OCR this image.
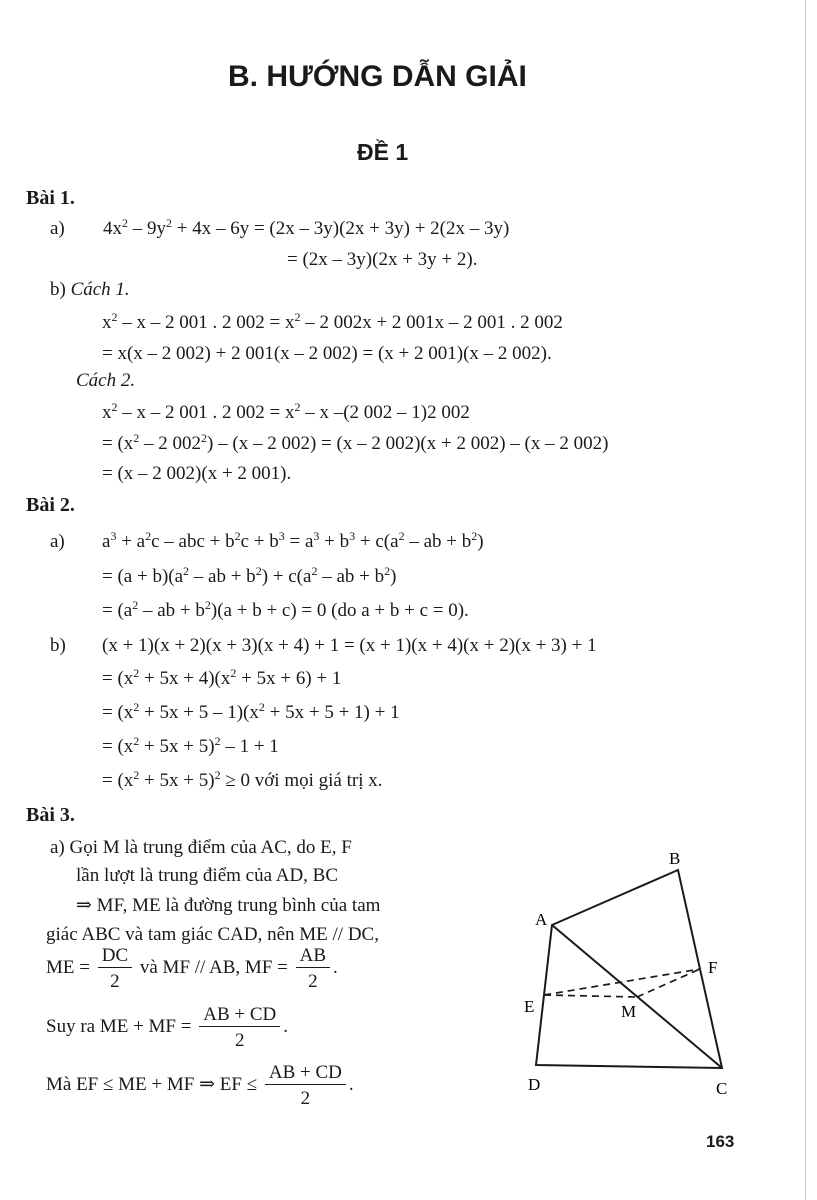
B. HƯỚNG DẪN GIẢI
ĐỀ 1
Bài 1.
a) $4x^2 - 9y^2 + 4x - 6y = (2x - 3y)(2x + 3y) + 2(2x - 3y)$
= (2x – 3y)(2x + 3y + 2).
b) Cách 1.
$x^2$ – x – 2 001 . 2 $002 = x^2 - 2$ 002x + 2 001x – 2 001 . 2 002
= x(x – 2 002) + 2 001(x – 2 002) = (x + 2 001)(x – 2 002).
Cách 2.
$x^2$ – x – 2 001 . 2 $002 = x^2 - x$ –(2 002 – 1)2 002
= ($x^2 - 2$ $002^2) - (x - 2$ 002) = (x – 2 002)(x + 2 002) – (x – 2 002)
= (x – 2 002)(x + 2 001).
Bài 2.
a) $a^3 + a^2c$ – abc + $b^2c + b^3 = a^3 + b^3 + c(a^2$ – ab + $b^2$)
= $(a + b)(a^2$ – ab + $b^2) + c(a^2$ – ab + $b^2$)
= ($a^2$ – ab + $b^2)(a + b + c) = 0$ (do a + b + c = 0).
b) (x + 1)(x + 2)(x + 3)(x + 4) + 1 = (x + 1)(x + 4)(x + 2)(x + 3) + 1
= $(x^2 + 5x + 4)(x^2 + 5x + 6) + 1$
= $(x^2 + 5x + 5 - 1)(x^2 + 5x + 5 + 1) + 1$
= $(x^2 + 5x + 5)^2 - 1 + 1$
= $(x^2 + 5x + 5)^2 \ge 0$ với mọi giá trị x.
Bài 3.
a) Gọi M là trung điểm của AC, do E, F
lần lượt là trung điểm của AD, BC
⇒ MF, ME là đường trung bình của tam
giác ABC và tam giác CAD, nên ME // DC,
ME = $\frac{DC}{2}$ và MF // AB, MF = $\frac{AB}{2}$ .
Suy ra ME + MF = $\frac{AB + CD}{2}$ .
Mà EF ≤ ME + MF ⇒ EF ≤ $\frac{AB + CD}{2}$ .
A
B
C
D
E
F
M
163
